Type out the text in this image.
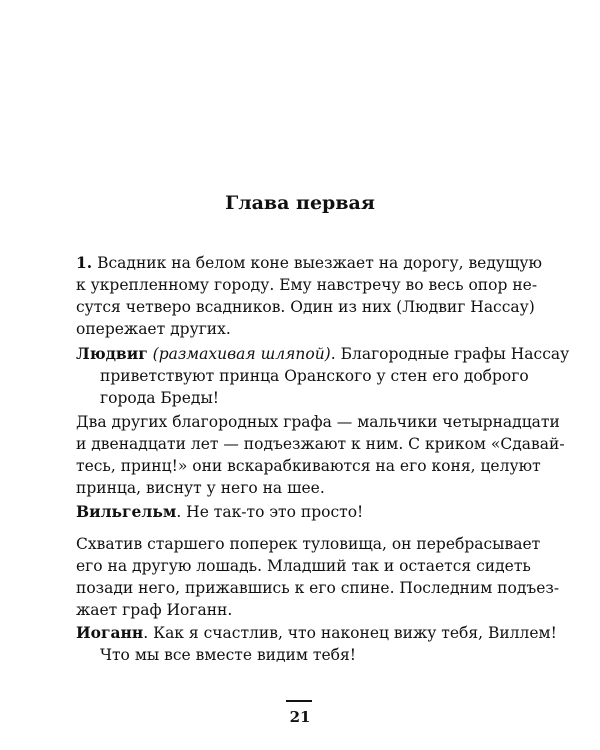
Глава первая

1. Всадник на белом коне выезжает на дорогу, ведущую

к укрепленному городу. Ему навстречу во весь опор не-

сутся четверо всадников. Один из них (Людвиг Нассау)

опережает других.

Людвиг (размахивая шляпой). Благородные графы Нассау

приветствуют принца Оранского у стен его доброго

города Бреды!

Два других благородных графа — мальчики четырнадцати

и двенадцати лет — подъезжают к ним. С криком «Сдавай-

тесь, принц!» они вскарабкиваются на его коня, целуют

принца, виснут у него на шее.

Вильгельм. Не так-то это просто!

Схватив старшего поперек туловища, он перебрасывает

его на другую лошадь. Младший так и остается сидеть

позади него, прижавшись к его спине. Последним подъез-

жает граф Иоганн.

Иоганн. Как я счастлив, что наконец вижу тебя, Виллем!

Что мы все вместе видим тебя!

21
